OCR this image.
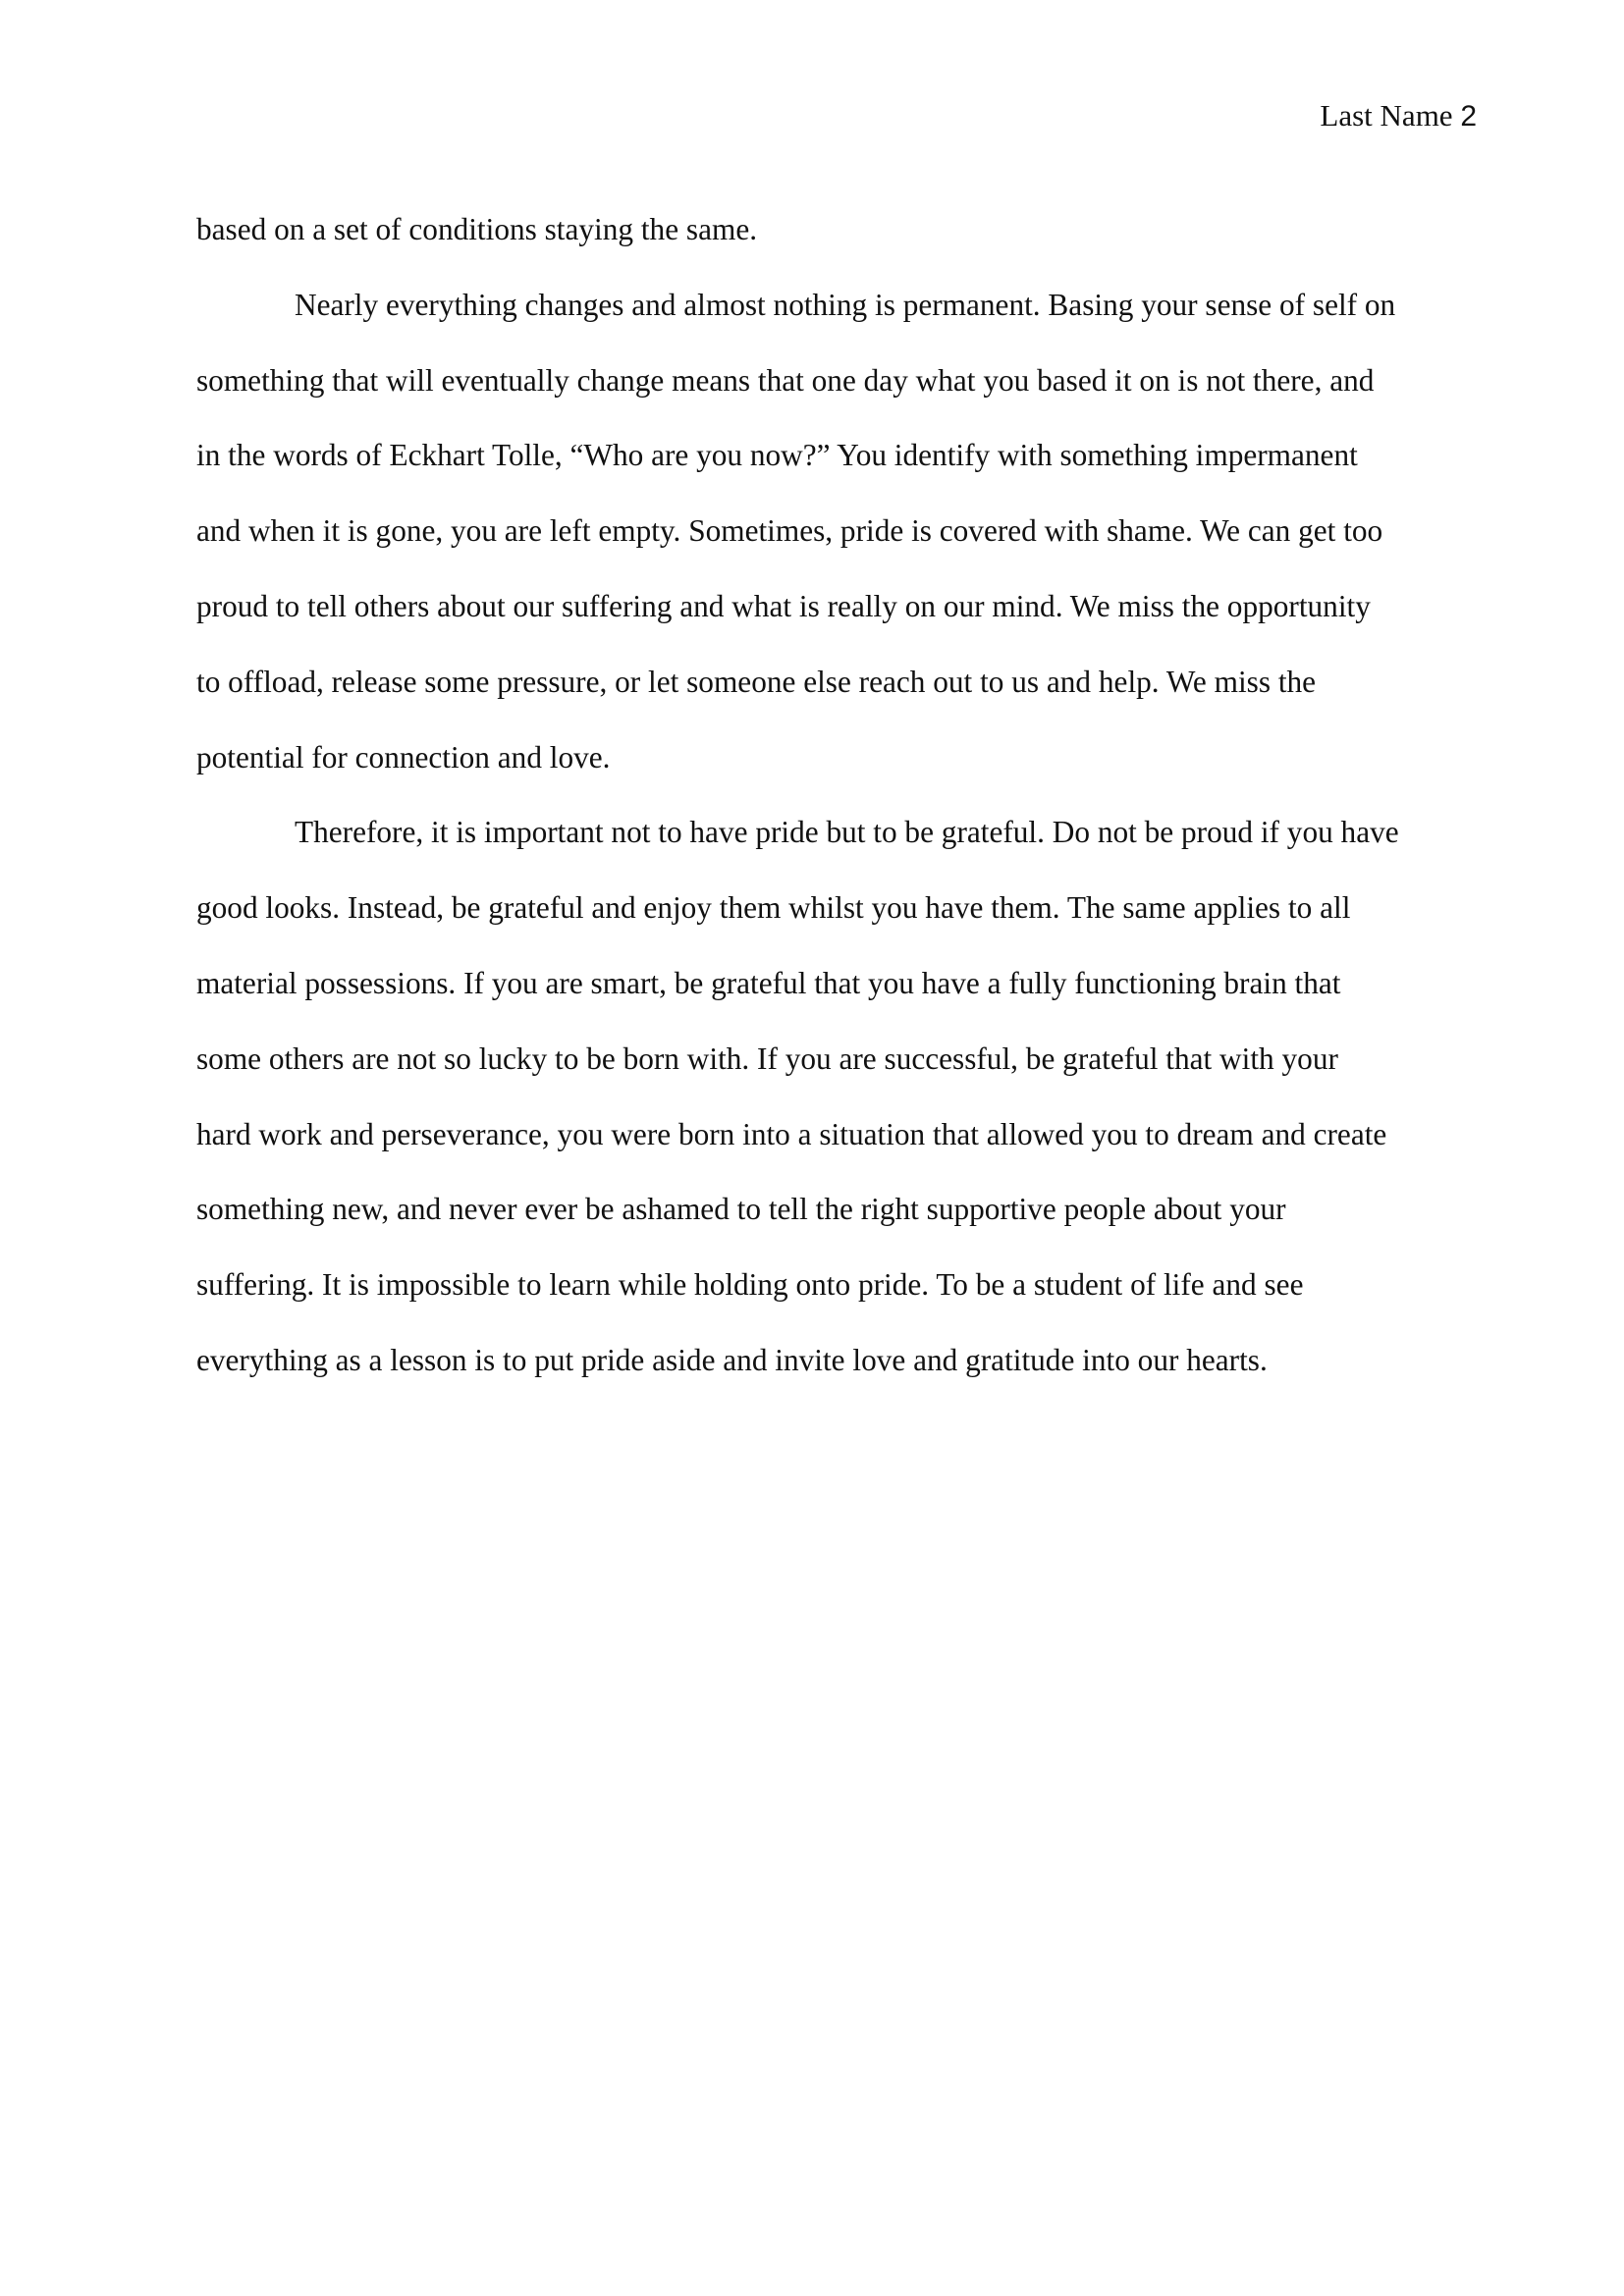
Last Name 2

based on a set of conditions staying the same.

Nearly everything changes and almost nothing is permanent. Basing your sense of self on
something that will eventually change means that one day what you based it on is not there, and
in the words of Eckhart Tolle, “Who are you now?” You identify with something impermanent
and when it is gone, you are left empty. Sometimes, pride is covered with shame. We can get too
proud to tell others about our suffering and what is really on our mind. We miss the opportunity
to offload, release some pressure, or let someone else reach out to us and help. We miss the
potential for connection and love.

Therefore, it is important not to have pride but to be grateful. Do not be proud if you have
good looks. Instead, be grateful and enjoy them whilst you have them. The same applies to all
material possessions. If you are smart, be grateful that you have a fully functioning brain that
some others are not so lucky to be born with. If you are successful, be grateful that with your
hard work and perseverance, you were born into a situation that allowed you to dream and create
something new, and never ever be ashamed to tell the right supportive people about your
suffering. It is impossible to learn while holding onto pride. To be a student of life and see
everything as a lesson is to put pride aside and invite love and gratitude into our hearts.
